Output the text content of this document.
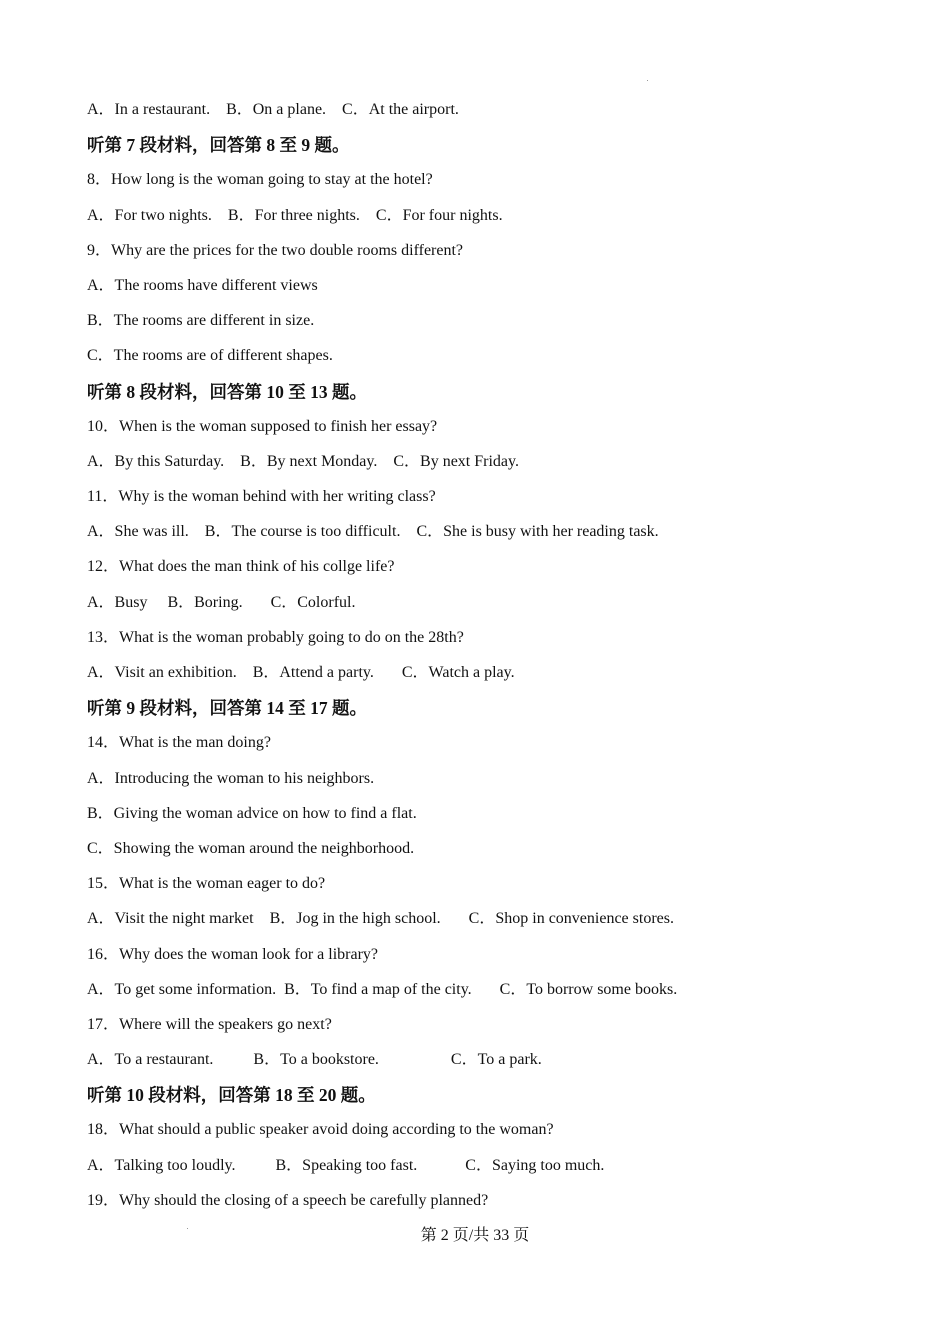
A．In a restaurant.    B．On a plane.    C．At the airport.
听第 7 段材料，回答第 8 至 9 题。
8．How long is the woman going to stay at the hotel?
A．For two nights.    B．For three nights.    C．For four nights.
9．Why are the prices for the two double rooms different?
A．The rooms have different views
B．The rooms are different in size.
C．The rooms are of different shapes.
听第 8 段材料，回答第 10 至 13 题。
10．When is the woman supposed to finish her essay?
A．By this Saturday.    B．By next Monday.    C．By next Friday.
11．Why is the woman behind with her writing class?
A．She was ill.    B．The course is too difficult.    C．She is busy with her reading task.
12．What does the man think of his collge life?
A．Busy     B．Boring.       C．Colorful.
13．What is the woman probably going to do on the 28th?
A．Visit an exhibition.    B．Attend a party.       C．Watch a play.
听第 9 段材料，回答第 14 至 17 题。
14．What is the man doing?
A．Introducing the woman to his neighbors.
B．Giving the woman advice on how to find a flat.
C．Showing the woman around the neighborhood.
15．What is the woman eager to do?
A．Visit the night market    B．Jog in the high school.       C．Shop in convenience stores.
16．Why does the woman look for a library?
A．To get some information.  B．To find a map of the city.       C．To borrow some books.
17．Where will the speakers go next?
A．To a restaurant.          B．To a bookstore.                  C．To a park.
听第 10 段材料，回答第 18 至 20 题。
18．What should a public speaker avoid doing according to the woman?
A．Talking too loudly.          B．Speaking too fast.            C．Saying too much.
19．Why should the closing of a speech be carefully planned?
第 2 页/共 33 页
